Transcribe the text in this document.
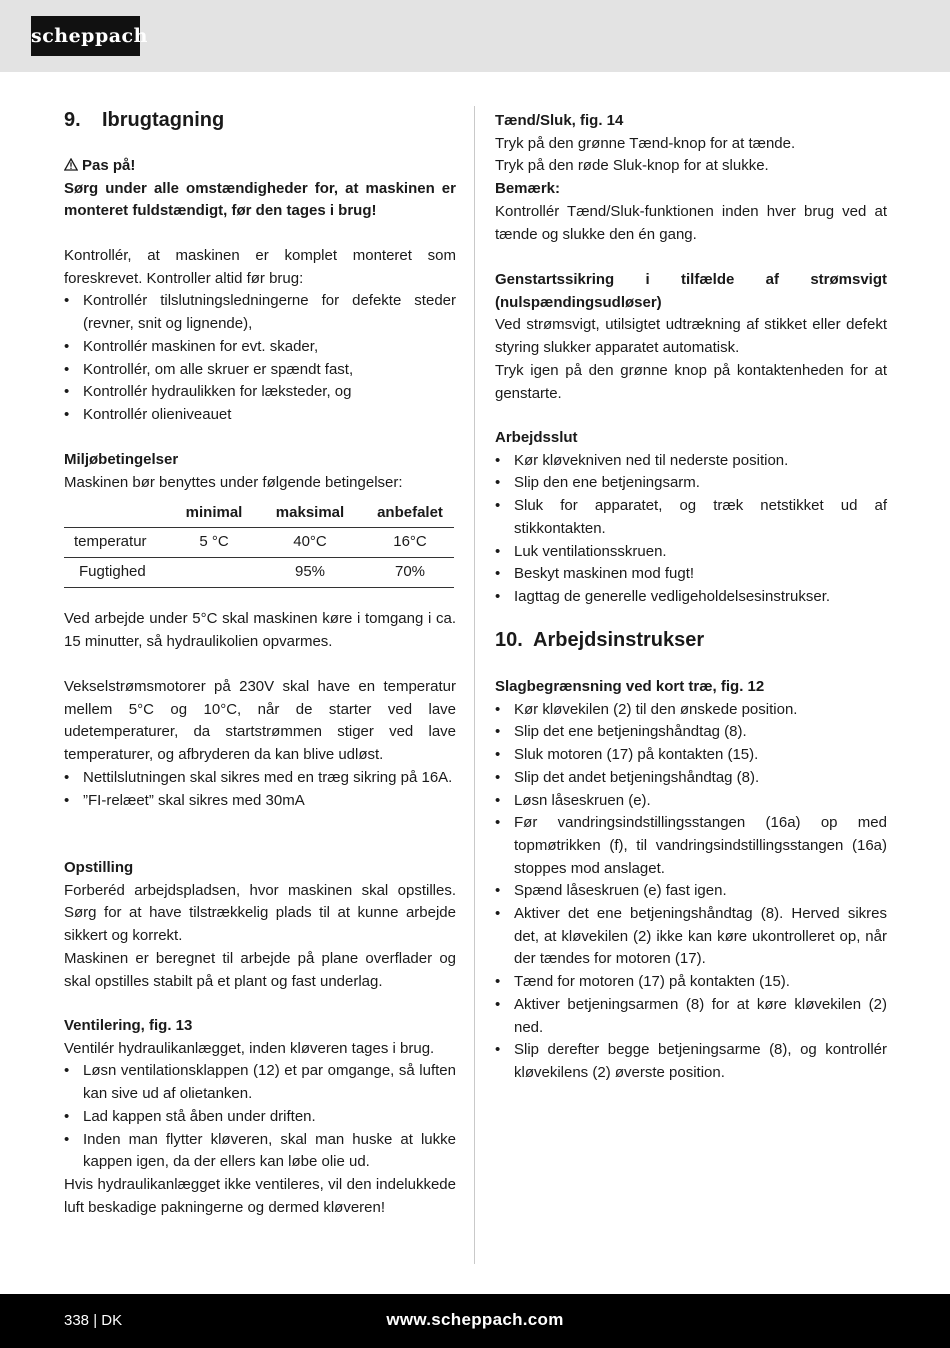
scheppach
9. Ibrugtagning

Pas på!

Sørg under alle omstændigheder for, at maskinen er monteret fuldstændigt, før den tages i brug!

Kontrollér, at maskinen er komplet monteret som foreskrevet. Kontroller altid før brug:

• Kontrollér tilslutningsledningerne for defekte steder (revner, snit og lignende),
• Kontrollér maskinen for evt. skader,
• Kontrollér, om alle skruer er spændt fast,
• Kontrollér hydraulikken for læksteder, og
• Kontrollér olieniveauet

Miljøbetingelser

Maskinen bør benyttes under følgende betingelser:

	minimal	maksimal	anbefalet
temperatur	5 °C	40°C	16°C
Fugtighed		95%	70%

Ved arbejde under 5°C skal maskinen køre i tomgang i ca. 15 minutter, så hydraulikolien opvarmes.

Vekselstrømsmotorer på 230V skal have en temperatur mellem 5°C og 10°C, når de starter ved lave udetemperaturer, da startstrømmen stiger ved lave temperaturer, og afbryderen da kan blive udløst.

• Nettilslutningen skal sikres med en træg sikring på 16A.
• ”FI-relæet” skal sikres med 30mA

Opstilling

Forberéd arbejdspladsen, hvor maskinen skal opstilles. Sørg for at have tilstrækkelig plads til at kunne arbejde sikkert og korrekt.

Maskinen er beregnet til arbejde på plane overflader og skal opstilles stabilt på et plant og fast underlag.

Ventilering, fig. 13

Ventilér hydraulikanlægget, inden kløveren tages i brug.

• Løsn ventilationsklappen (12) et par omgange, så luften kan sive ud af olietanken.
• Lad kappen stå åben under driften.
• Inden man flytter kløveren, skal man huske at lukke kappen igen, da der ellers kan løbe olie ud.

Hvis hydraulikanlægget ikke ventileres, vil den indelukkede luft beskadige pakningerne og dermed kløveren!

Tænd/Sluk, fig. 14

Tryk på den grønne Tænd-knop for at tænde.

Tryk på den røde Sluk-knop for at slukke.

Bemærk:

Kontrollér Tænd/Sluk-funktionen inden hver brug ved at tænde og slukke den én gang.

Genstartssikring i tilfælde af strømsvigt (nulspændingsudløser)

Ved strømsvigt, utilsigtet udtrækning af stikket eller defekt styring slukker apparatet automatisk.

Tryk igen på den grønne knop på kontaktenheden for at genstarte.

Arbejdsslut

• Kør kløvekniven ned til nederste position.
• Slip den ene betjeningsarm.
• Sluk for apparatet, og træk netstikket ud af stikkontakten.
• Luk ventilationsskruen.
• Beskyt maskinen mod fugt!
• Iagttag de generelle vedligeholdelsesinstrukser.
10. Arbejdsinstrukser

Slagbegrænsning ved kort træ, fig. 12

• Kør kløvekilen (2) til den ønskede position.
• Slip det ene betjeningshåndtag (8).
• Sluk motoren (17) på kontakten (15).
• Slip det andet betjeningshåndtag (8).
• Løsn låseskruen (e).
• Før vandringsindstillingsstangen (16a) op med topmøtrikken (f), til vandringsindstillingsstangen (16a) stoppes mod anslaget.
• Spænd låseskruen (e) fast igen.
• Aktiver det ene betjeningshåndtag (8). Herved sikres det, at kløvekilen (2) ikke kan køre ukontrolleret op, når der tændes for motoren (17).
• Tænd for motoren (17) på kontakten (15).
• Aktiver betjeningsarmen (8) for at køre kløvekilen (2) ned.
• Slip derefter begge betjeningsarme (8), og kontrollér kløvekilens (2) øverste position.
338 | DK	www.scheppach.com
